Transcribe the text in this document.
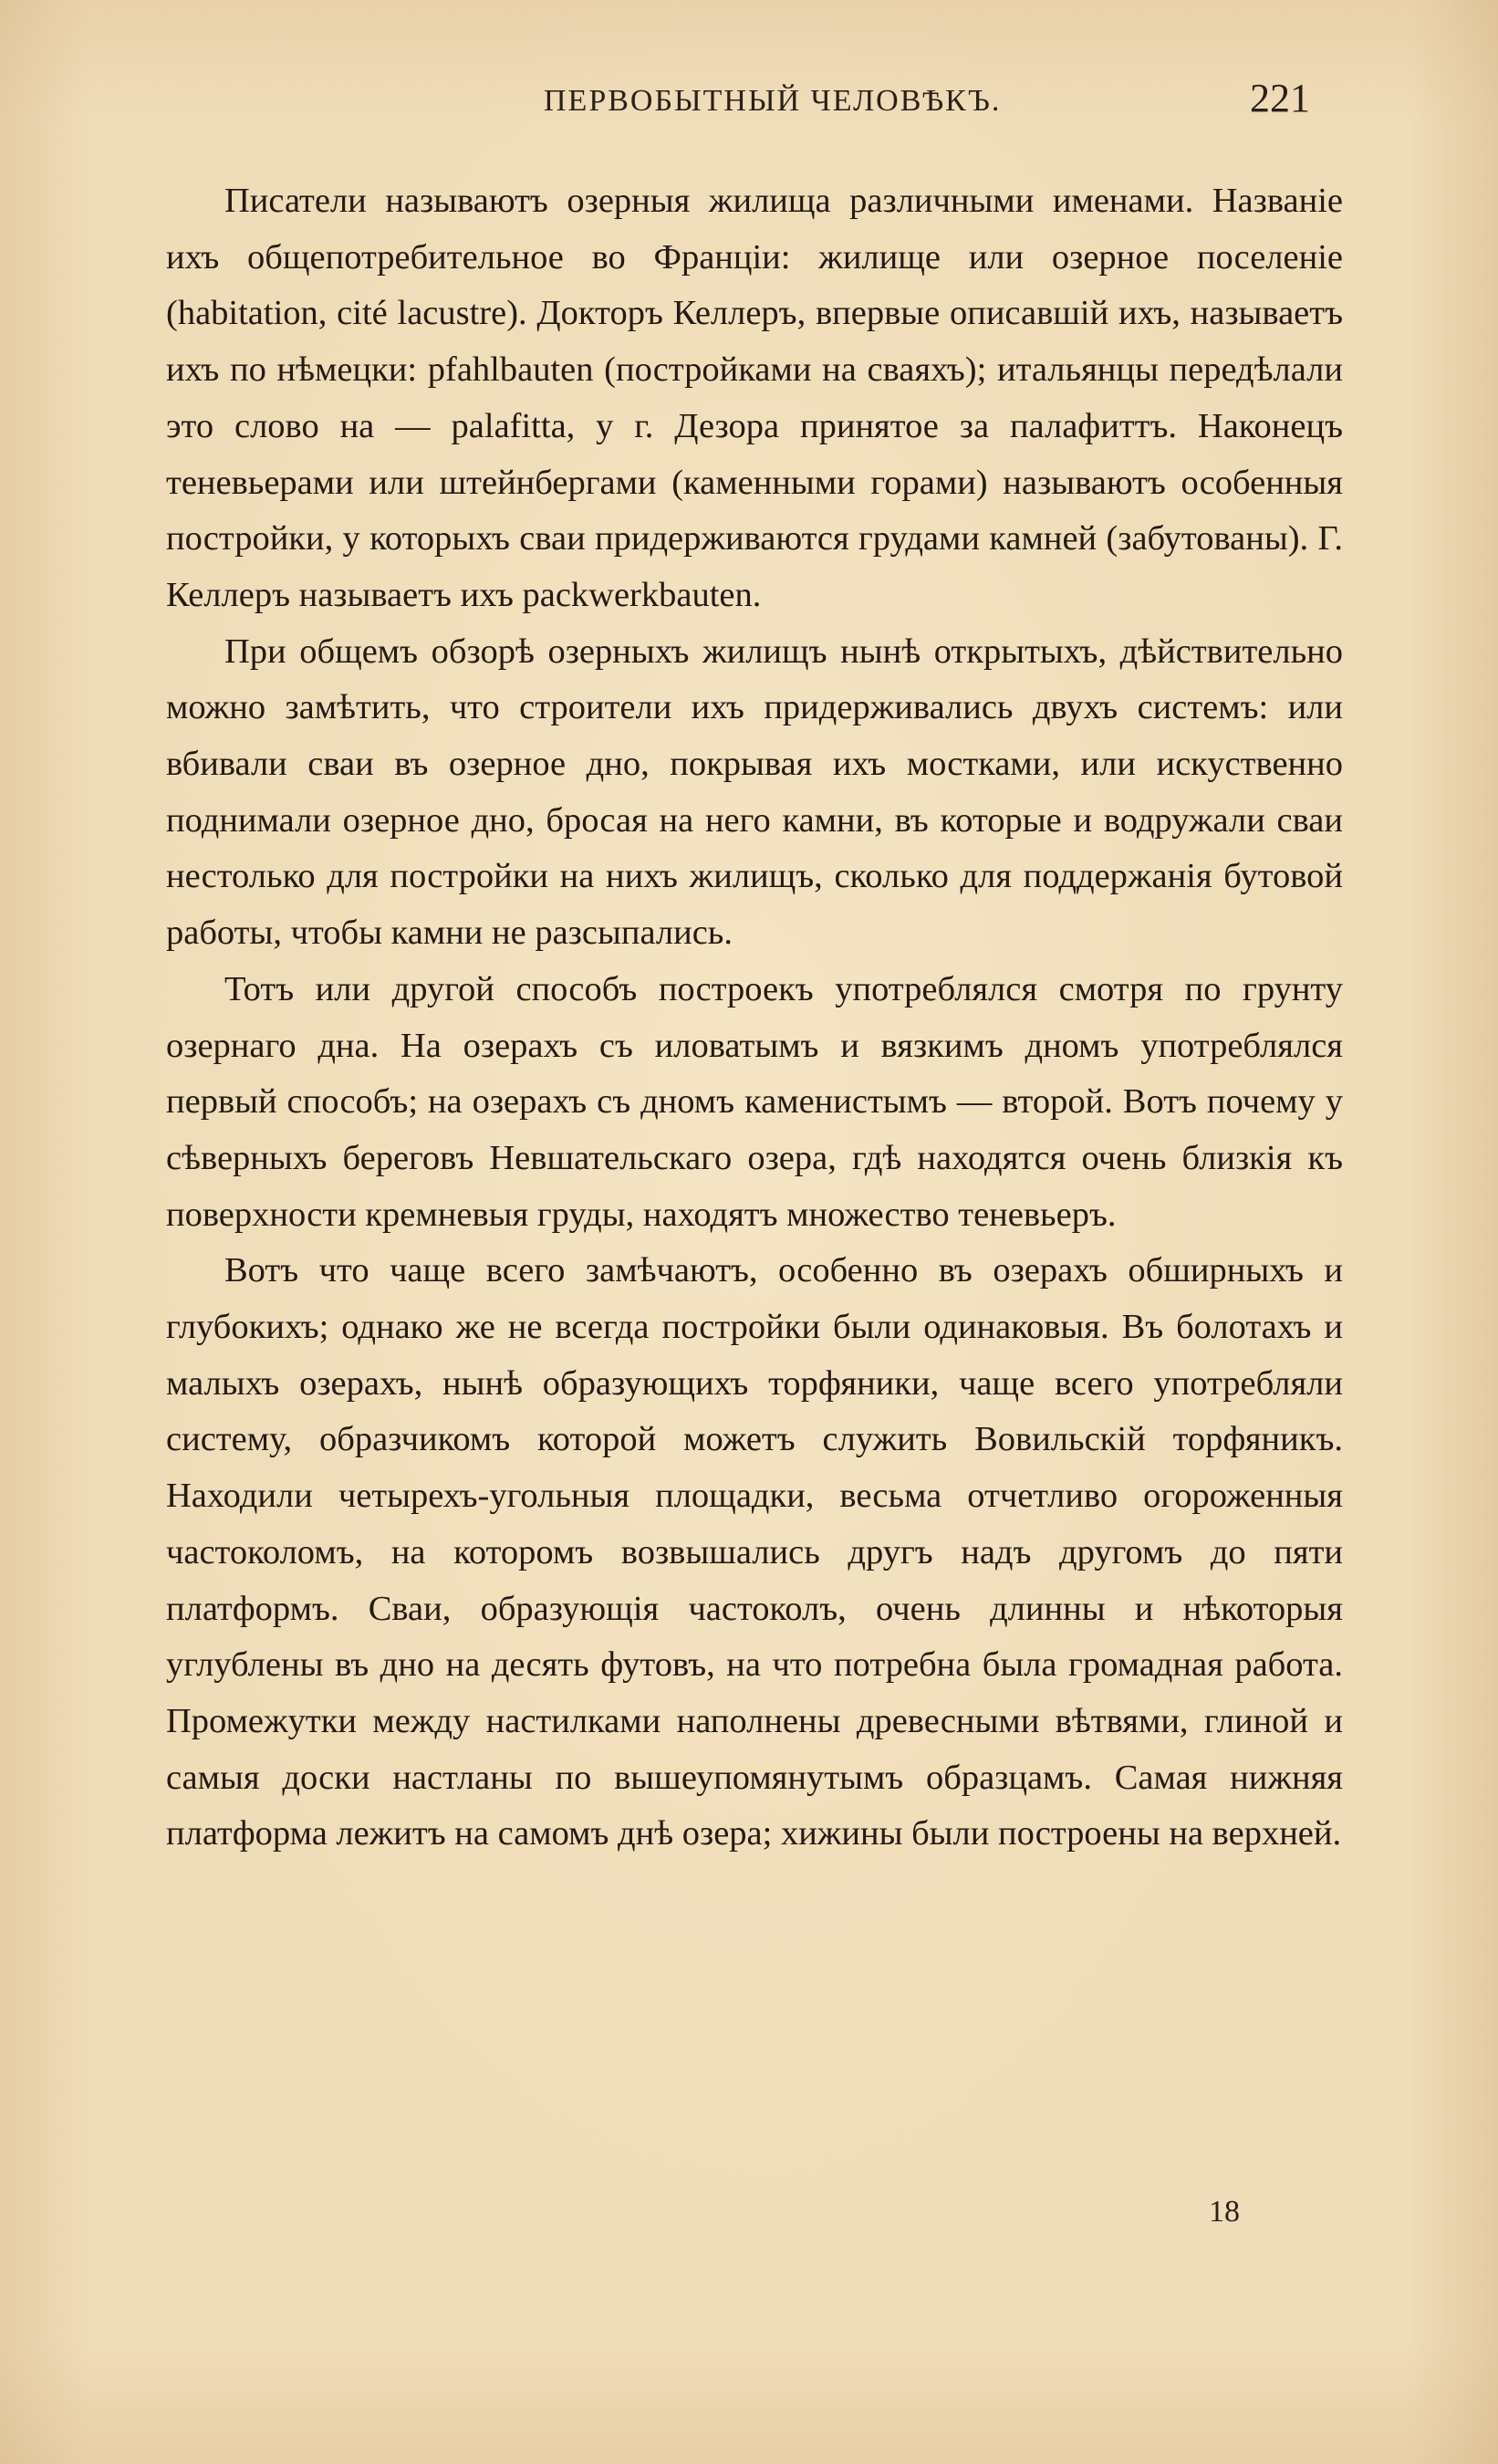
ПЕРВОБЫТНЫЙ ЧЕЛОВѢКЪ.	221

Писатели называютъ озерныя жилища различными именами. Названіе ихъ общепотребительное во Франціи: жилище или озерное поселеніе (habitation, cité lacustre). Докторъ Келлеръ, впервые описавшій ихъ, называетъ ихъ по нѣмецки: pfahlbauten (постройками на сваяхъ); итальянцы передѣлали это слово на — palafitta, у г. Дезора принятое за палафиттъ. Наконецъ теневьерами или штейнбергами (каменными горами) называютъ особенныя постройки, у которыхъ сваи придерживаются грудами камней (забутованы). Г. Келлеръ называетъ ихъ packwerkbauten.

При общемъ обзорѣ озерныхъ жилищъ нынѣ открытыхъ, дѣйствительно можно замѣтить, что строители ихъ придерживались двухъ системъ: или вбивали сваи въ озерное дно, покрывая ихъ мостками, или искуственно поднимали озерное дно, бросая на него камни, въ которые и водружали сваи нестолько для постройки на нихъ жилищъ, сколько для поддержанія бутовой работы, чтобы камни не разсыпались.

Тотъ или другой способъ построекъ употреблялся смотря по грунту озернаго дна. На озерахъ съ иловатымъ и вязкимъ дномъ употреблялся первый способъ; на озерахъ съ дномъ каменистымъ — второй. Вотъ почему у сѣверныхъ береговъ Невшательскаго озера, гдѣ находятся очень близкія къ поверхности кремневыя груды, находятъ множество теневьеръ.

Вотъ что чаще всего замѣчаютъ, особенно въ озерахъ обширныхъ и глубокихъ; однако же не всегда постройки были одинаковыя. Въ болотахъ и малыхъ озерахъ, нынѣ образующихъ торфяники, чаще всего употребляли систему, образчикомъ которой можетъ служить Вовильскій торфяникъ. Находили четырехъ-угольныя площадки, весьма отчетливо огороженныя частоколомъ, на которомъ возвышались другъ надъ другомъ до пяти платформъ. Сваи, образующія частоколъ, очень длинны и нѣкоторыя углублены въ дно на десять футовъ, на что потребна была громадная работа. Промежутки между настилками наполнены древесными вѣтвями, глиной и самыя доски настланы по вышеупомянутымъ образцамъ. Самая нижняя платформа лежитъ на самомъ днѣ озера; хижины были построены на верхней.

18
